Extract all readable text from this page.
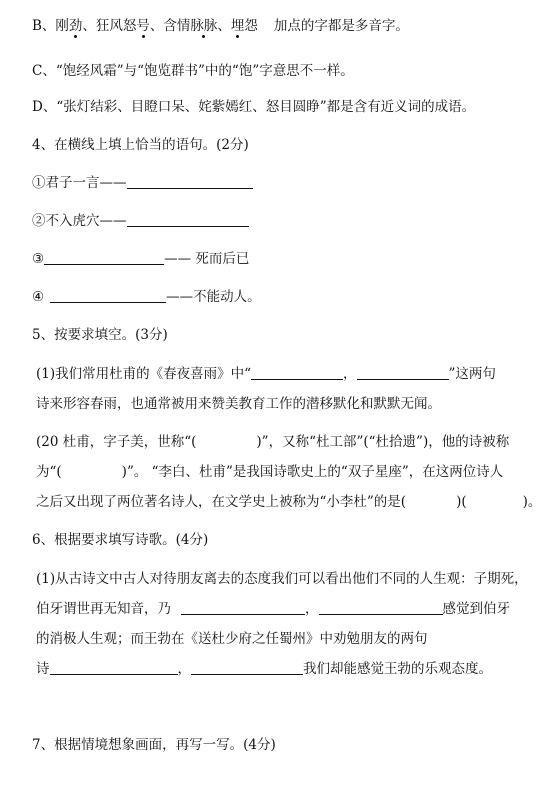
B、刚劲、狂风怒号、含情脉脉、埋怨 加点的字都是多音字。
C、“饱经风霜”与“饱览群书”中的“饱”字意思不一样。
D、“张灯结彩、目瞪口呆、姹紫嫣红、怒目圆睁”都是含有近义词的成语。
4、在横线上填上恰当的语句。(2分)
①君子一言——
②不入虎穴——
③	—— 死而后已
④	——不能动人。
5、按要求填空。(3分)
(1)我们常用杜甫的《春夜喜雨》中“	，	”这两句
诗来形容春雨，也通常被用来赞美教育工作的潜移默化和默默无闻。
(20 杜甫，字子美，世称“(	)”，又称“杜工部”(“杜拾遗”)，他的诗被称
为“(	)”。 “李白、杜甫”是我国诗歌史上的“双子星座”，在这两位诗人
之后又出现了两位著名诗人，在文学史上被称为“小李杜”的是(	)(	)。
6、根据要求填写诗歌。(4分)
(1)从古诗文中古人对待朋友离去的态度我们可以看出他们不同的人生观：子期死，
伯牙谓世再无知音，乃	，	感觉到伯牙
的消极人生观；而王勃在《送杜少府之任蜀州》中劝勉朋友的两句
诗	，	我们却能感觉王勃的乐观态度。
7、根据情境想象画面，再写一写。(4分)
